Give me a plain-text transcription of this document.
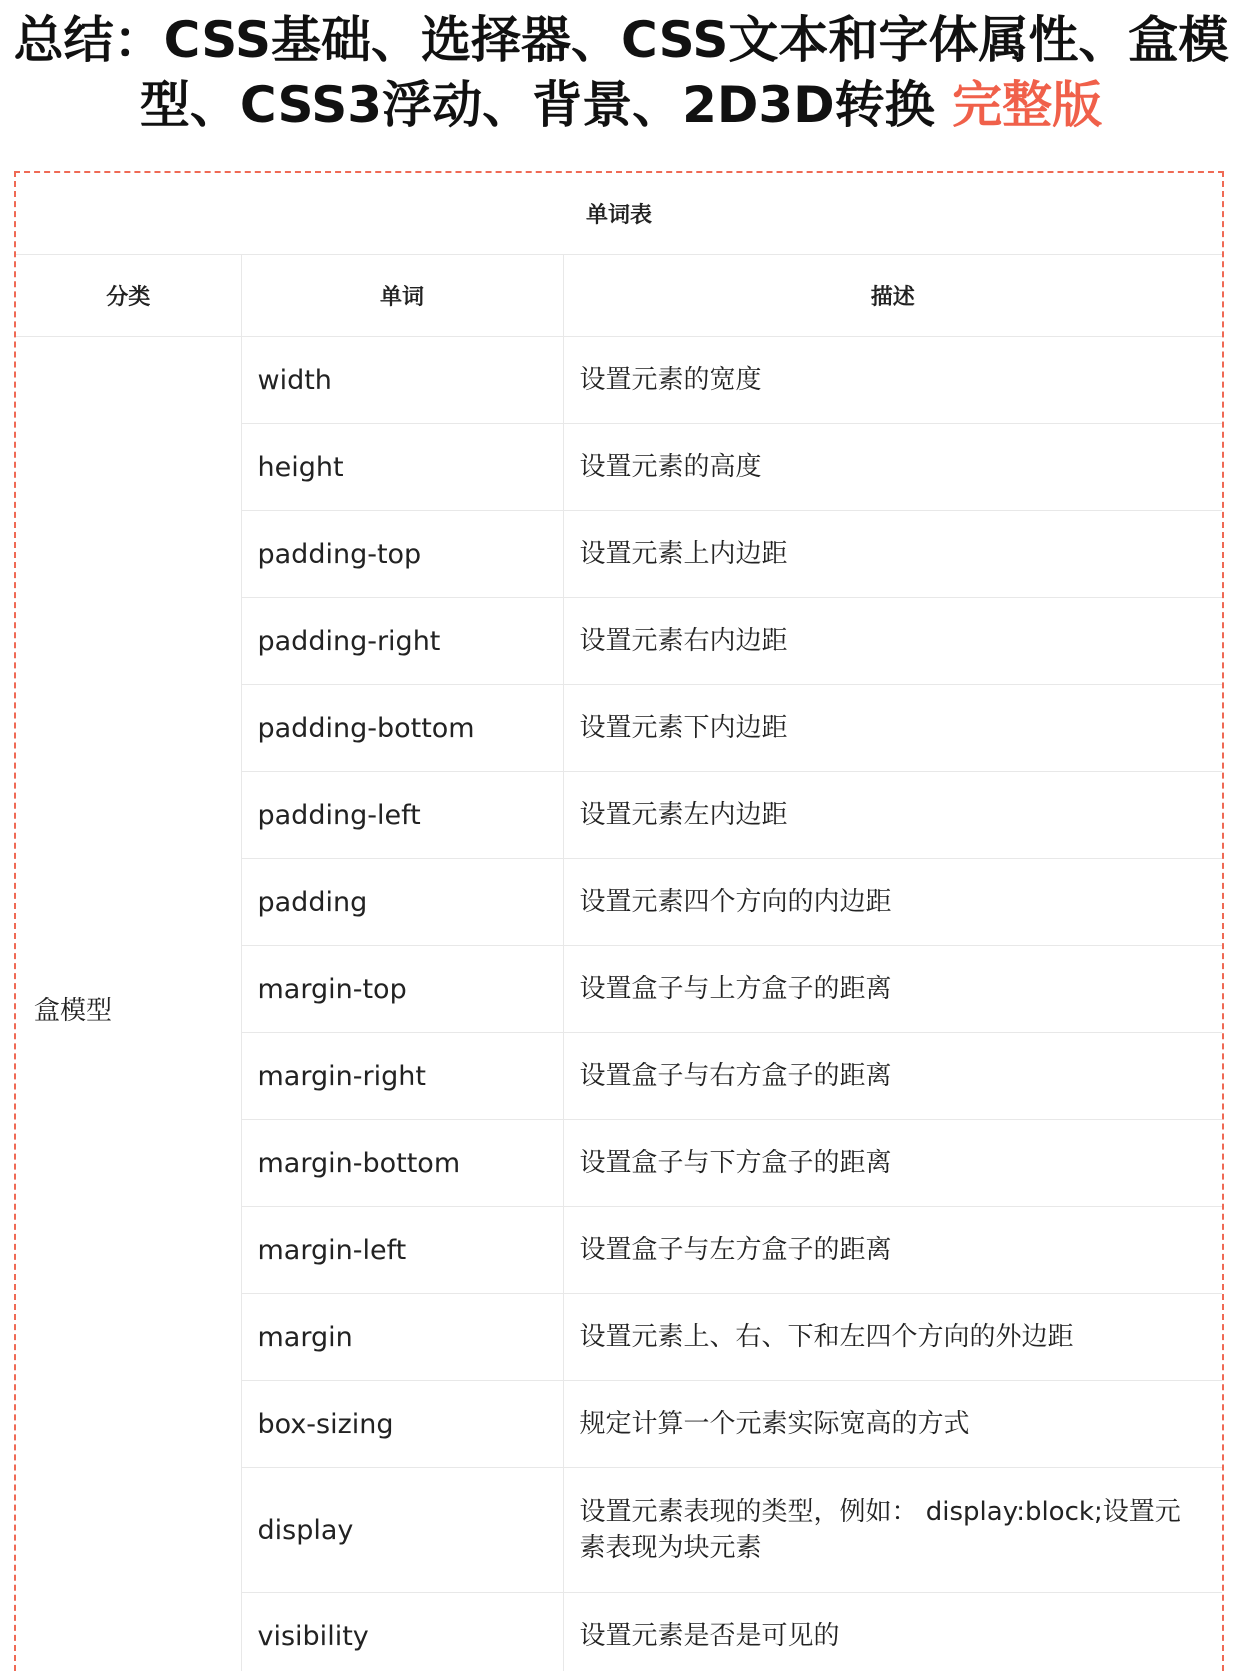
总结：CSS基础、选择器、CSS文本和字体属性、盒模
型、CSS3浮动、背景、2D3D转换 完整版
单词表		
分类	单词	描述
盒模型	width	设置元素的宽度
	height	设置元素的高度
	padding-top	设置元素上内边距
	padding-right	设置元素右内边距
	padding-bottom	设置元素下内边距
	padding-left	设置元素左内边距
	padding	设置元素四个方向的内边距
	margin-top	设置盒子与上方盒子的距离
	margin-right	设置盒子与右方盒子的距离
	margin-bottom	设置盒子与下方盒子的距离
	margin-left	设置盒子与左方盒子的距离
	margin	设置元素上、右、下和左四个方向的外边距
	box-sizing	规定计算一个元素实际宽高的方式
	display	设置元素表现的类型，例如： display:block;设置元素表现为块元素
	visibility	设置元素是否是可见的
